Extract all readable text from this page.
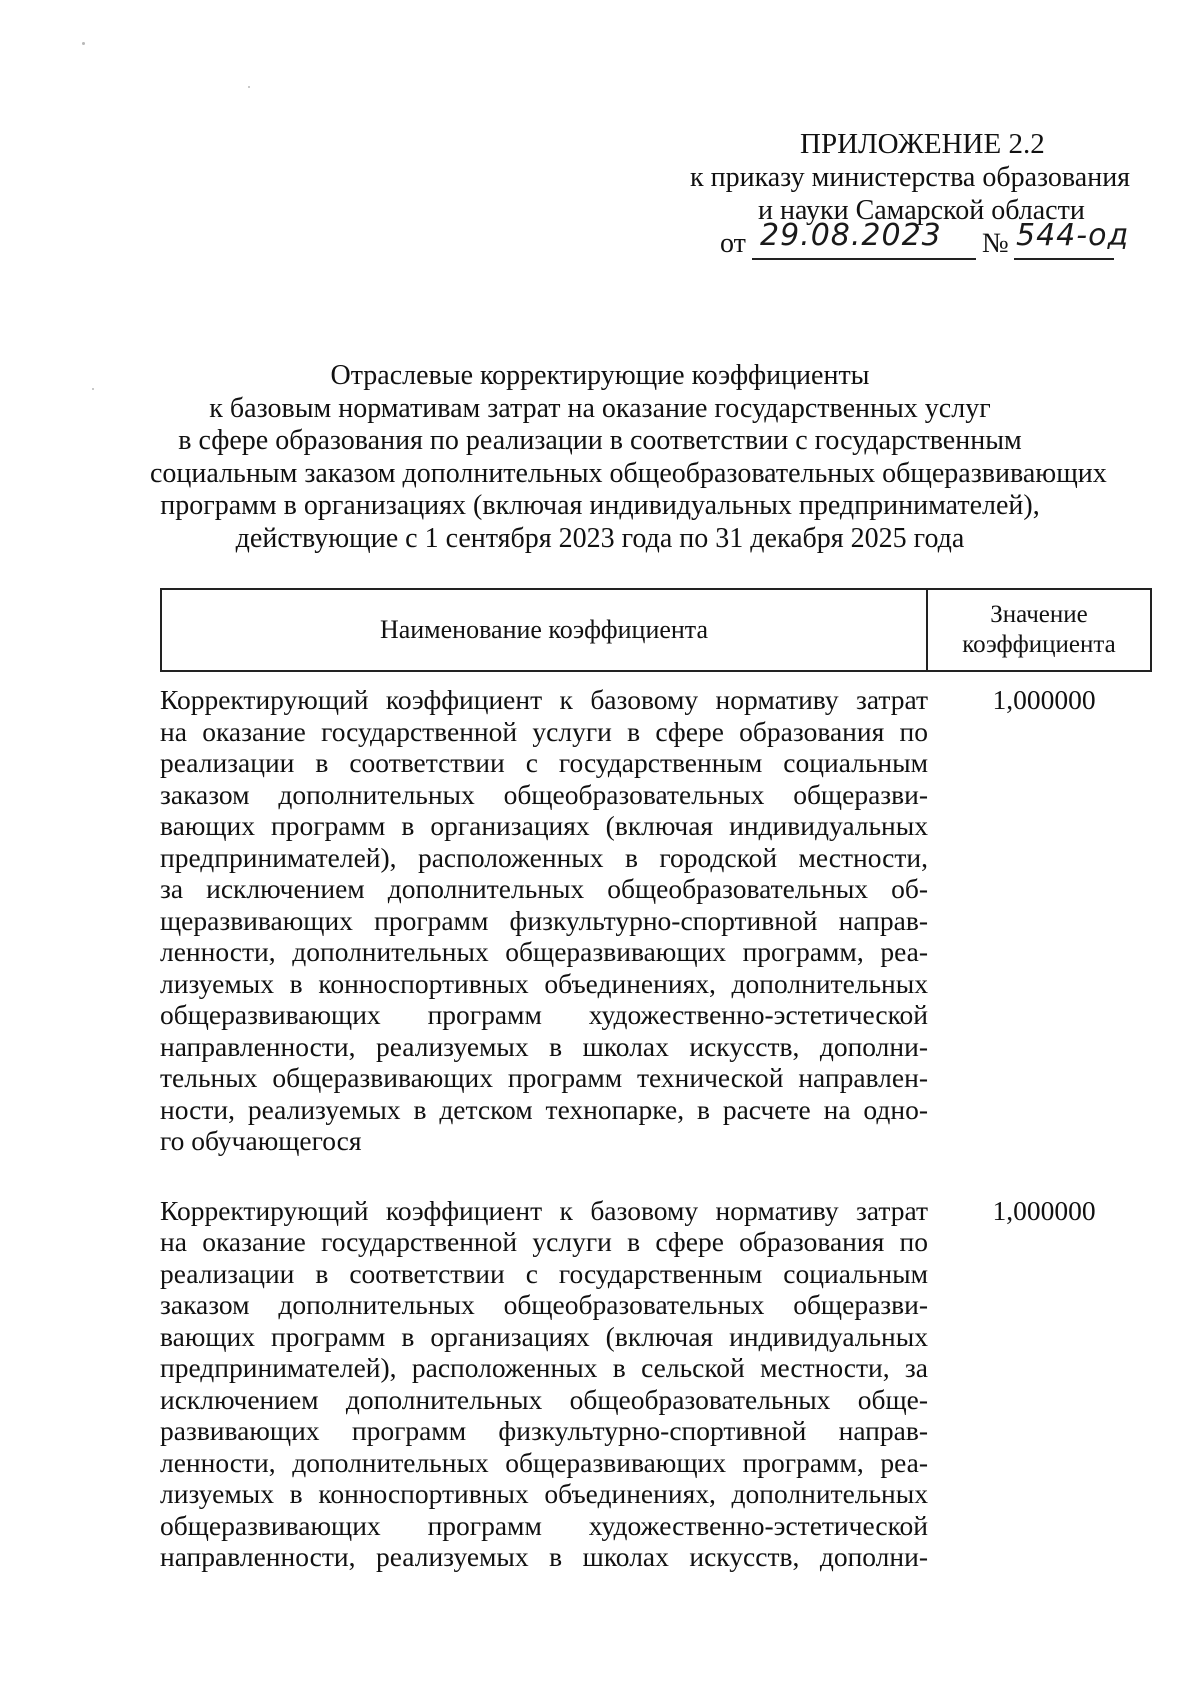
ПРИЛОЖЕНИЕ 2.2
к приказу министерства образования
и науки Самарской области
от 29.08.2023 № 544-од
Отраслевые корректирующие коэффициенты
к базовым нормативам затрат на оказание государственных услуг
в сфере образования по реализации в соответствии с государственным
социальным заказом дополнительных общеобразовательных общеразвивающих
программ в организациях (включая индивидуальных предпринимателей),
действующие с 1 сентября 2023 года по 31 декабря 2025 года
Наименование коэффициента
Значение
коэффициента
Корректирующий коэффициент к базовому нормативу затрат
на оказание государственной услуги в сфере образования по
реализации в соответствии с государственным социальным
заказом дополнительных общеобразовательных общеразви-
вающих программ в организациях (включая индивидуальных
предпринимателей), расположенных в городской местности,
за исключением дополнительных общеобразовательных об-
щеразвивающих программ физкультурно-спортивной направ-
ленности, дополнительных общеразвивающих программ, реа-
лизуемых в конноспортивных объединениях, дополнительных
общеразвивающих программ художественно-эстетической
направленности, реализуемых в школах искусств, дополни-
тельных общеразвивающих программ технической направлен-
ности, реализуемых в детском технопарке, в расчете на одно-
го обучающегося
1,000000
Корректирующий коэффициент к базовому нормативу затрат
на оказание государственной услуги в сфере образования по
реализации в соответствии с государственным социальным
заказом дополнительных общеобразовательных общеразви-
вающих программ в организациях (включая индивидуальных
предпринимателей), расположенных в сельской местности, за
исключением дополнительных общеобразовательных обще-
развивающих программ физкультурно-спортивной направ-
ленности, дополнительных общеразвивающих программ, реа-
лизуемых в конноспортивных объединениях, дополнительных
общеразвивающих программ художественно-эстетической
направленности, реализуемых в школах искусств, дополни-
1,000000
